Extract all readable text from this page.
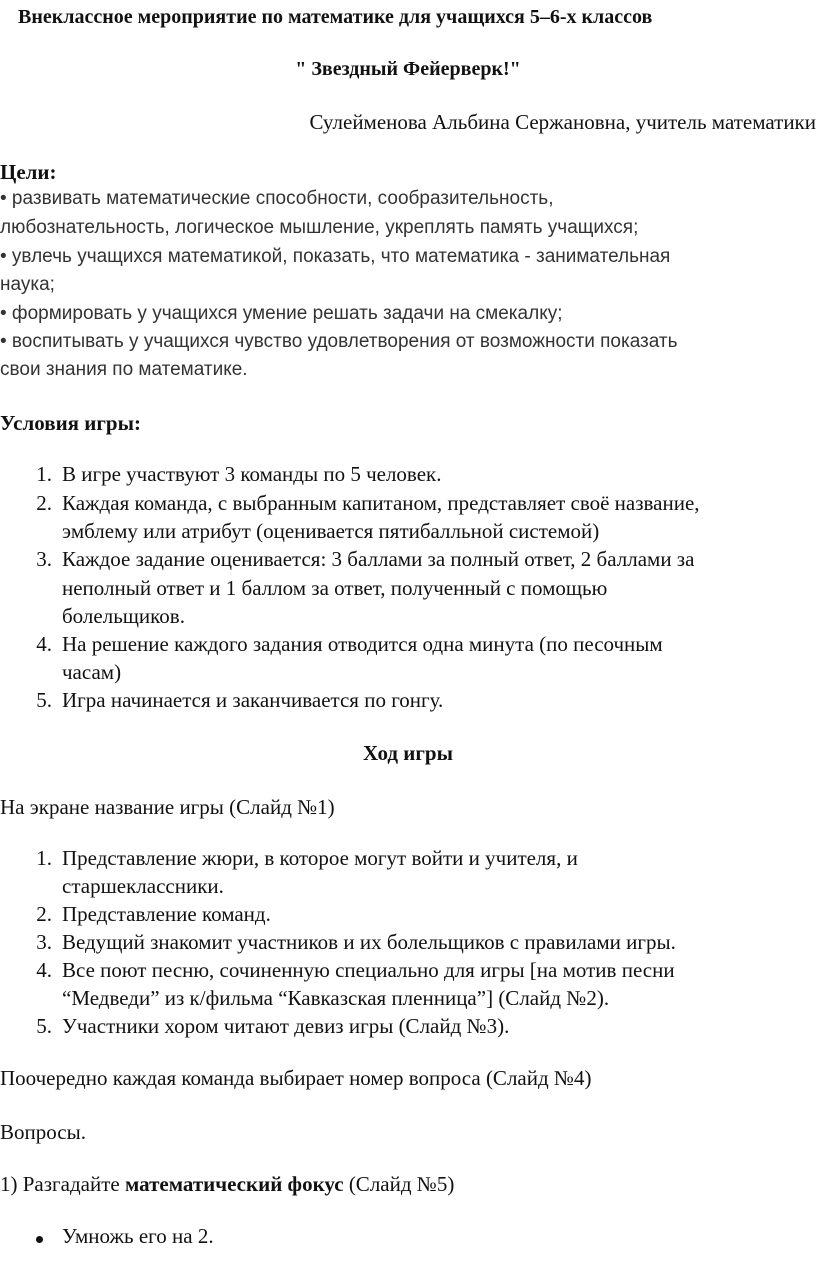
Внеклассное мероприятие по математике для учащихся 5–6-х классов
" Звездный Фейерверк!"
Сулейменова Альбина Сержановна, учитель математики
Цели:
• развивать математические способности, сообразительность,
любознательность, логическое мышление, укреплять память учащихся;
• увлечь учащихся математикой, показать, что математика - занимательная
наука;
• формировать у учащихся умение решать задачи на смекалку;
• воспитывать у учащихся чувство удовлетворения от возможности показать
свои знания по математике.
Условия игры:
1. В игре участвуют 3 команды по 5 человек.
2. Каждая команда, с выбранным капитаном, представляет своё название,
эмблему или атрибут (оценивается пятибалльной системой)
3. Каждое задание оценивается: 3 баллами за полный ответ, 2 баллами за
неполный ответ и 1 баллом за ответ, полученный с помощью
болельщиков.
4. На решение каждого задания отводится одна минута (по песочным
часам)
5. Игра начинается и заканчивается по гонгу.
Ход игры
На экране название игры (Слайд №1)
1. Представление жюри, в которое могут войти и учителя, и
старшеклассники.
2. Представление команд.
3. Ведущий знакомит участников и их болельщиков с правилами игры.
4. Все поют песню, сочиненную специально для игры [на мотив песни
“Медведи” из к/фильма “Кавказская пленница”] (Слайд №2).
5. Участники хором читают девиз игры (Слайд №3).
Поочередно каждая команда выбирает номер вопроса (Слайд №4)
Вопросы.
1) Разгадайте математический фокус (Слайд №5)
Умножь его на 2.
